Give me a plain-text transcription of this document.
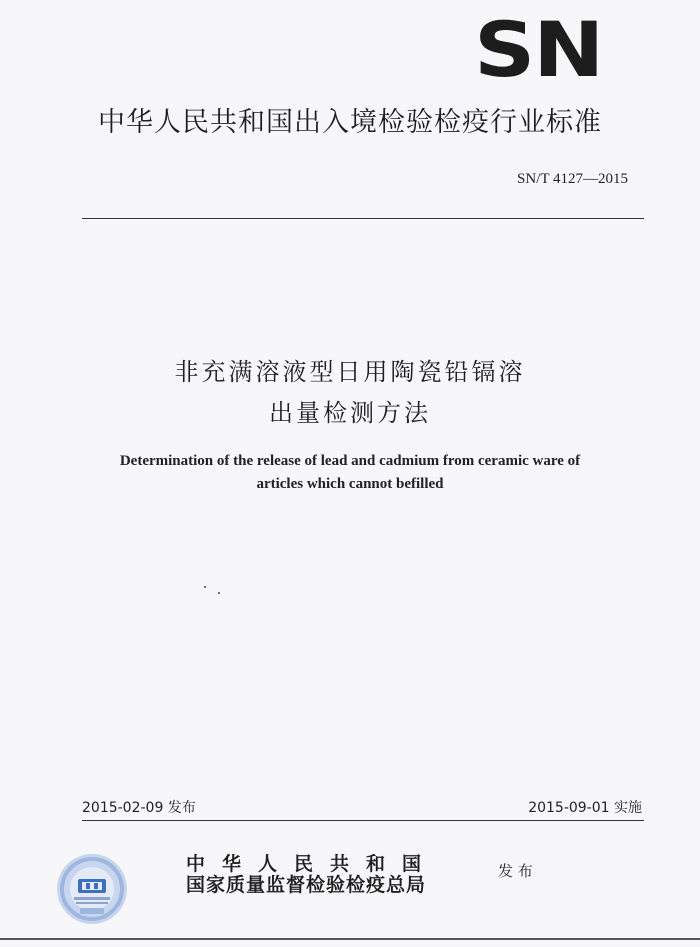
SN
中华人民共和国出入境检验检疫行业标准
SN/T 4127—2015
非充满溶液型日用陶瓷铅镉溶
出量检测方法
Determination of the release of lead and cadmium from ceramic ware of
articles which cannot befilled
2015-02-09 发布	2015-09-01 实施
中华人民共和国
国家质量监督检验检疫总局
发 布
